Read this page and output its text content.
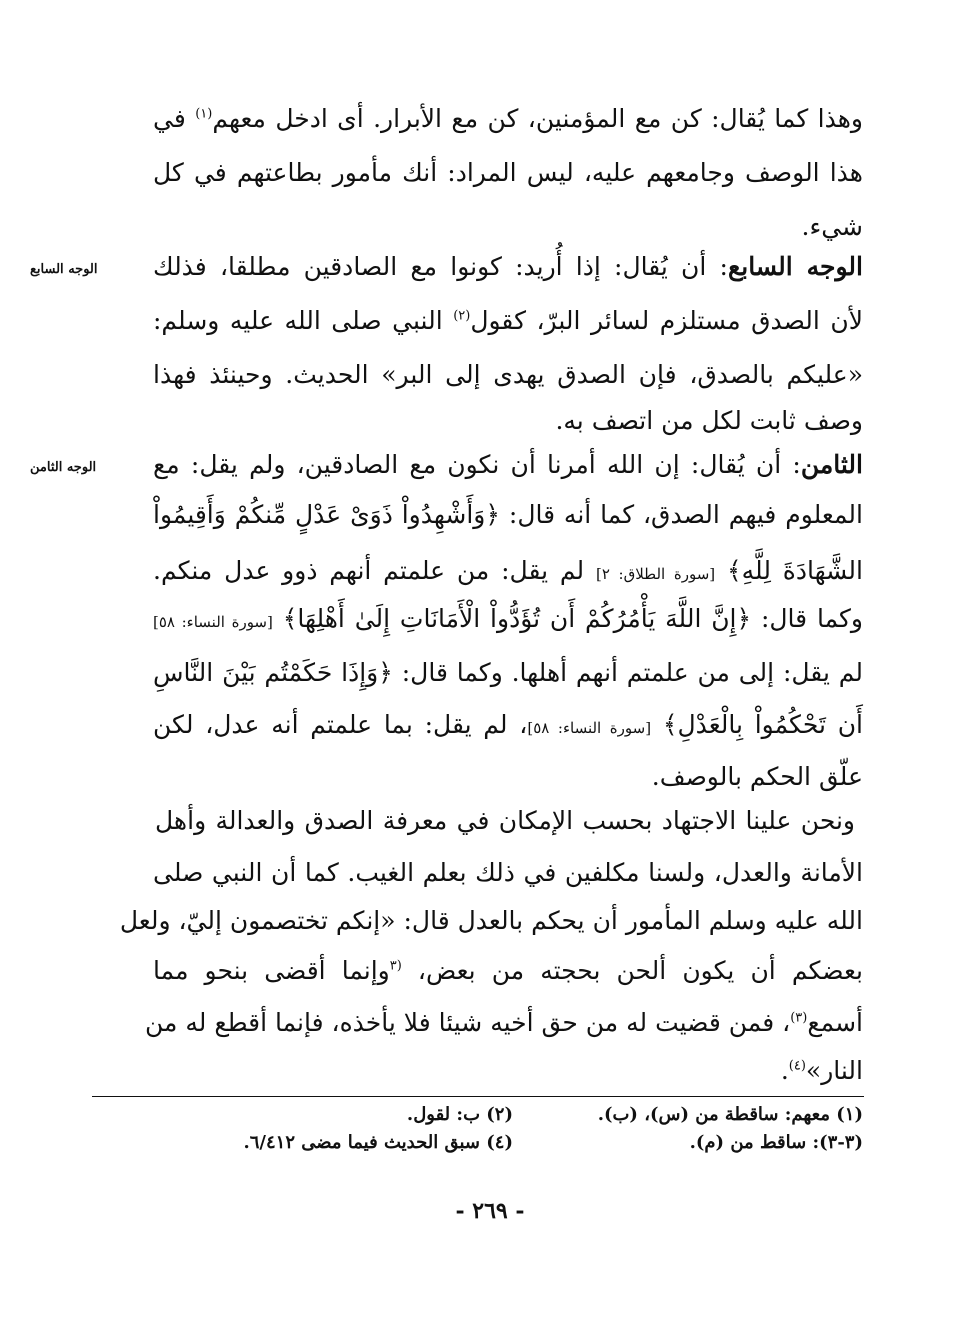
وهذا كما يُقال: كن مع المؤمنين، كن مع الأبرار. أى ادخل معهم$^{(١)}$ في
هذا الوصف وجامعهم عليه، ليس المراد: أنك مأمور بطاعتهم في كل
شيء.
الوجه السابع: أن يُقال: إذا أُريد: كونوا مع الصادقين مطلقا، فذلك
الوجه السابع
لأن الصدق مستلزم لسائر البرّ، كقول$^{(٢)}$ النبي صلى الله عليه وسلم:
«عليكم بالصدق، فإن الصدق يهدى إلى البر» الحديث. وحينئذ فهذا
وصف ثابت لكل من اتصف به.
الثامن: أن يُقال: إن الله أمرنا أن نكون مع الصادقين، ولم يقل: مع
الوجه الثامن
المعلوم فيهم الصدق، كما أنه قال: ﴿وَأَشْهِدُواْ ذَوَىْ عَدْلٍ مِّنكُمْ وَأَقِيمُواْ
الشَّهَادَةَ لِلَّهِ﴾ [سورة الطلاق: ٢] لم يقل: من علمتم أنهم ذوو عدل منكم.
وكما قال: ﴿إِنَّ اللَّهَ يَأْمُرُكُمْ أَن تُؤَدُّواْ الْأَمَانَاتِ إِلَىٰ أَهْلِهَا﴾ [سورة النساء: ٥٨]
لم يقل: إلى من علمتم أنهم أهلها. وكما قال: ﴿وَإِذَا حَكَمْتُم بَيْنَ النَّاسِ
أَن تَحْكُمُواْ بِالْعَدْلِ﴾ [سورة النساء: ٥٨]، لم يقل: بما علمتم أنه عدل، لكن
علّق الحكم بالوصف.
ونحن علينا الاجتهاد بحسب الإمكان في معرفة الصدق والعدالة وأهل
الأمانة والعدل، ولسنا مكلفين في ذلك بعلم الغيب. كما أن النبي صلى
الله عليه وسلم المأمور أن يحكم بالعدل قال: «إنكم تختصمون إليّ، ولعل
بعضكم أن يكون ألحن بحجته من بعض، $^{(٣}$وإنما أقضى بنحو مما
أسمع$^{(٣)}$، فمن قضيت له من حق أخيه شيئا فلا يأخذه، فإنما أقطع له من
النار»$^{(٤)}$.
(١) معهم: ساقطة من (س)، (ب).
(٢) ب: لقول.
(٣-٣): ساقط من (م).
(٤) سبق الحديث فيما مضى ٦/٤١٢.
- ٢٦٩ -
